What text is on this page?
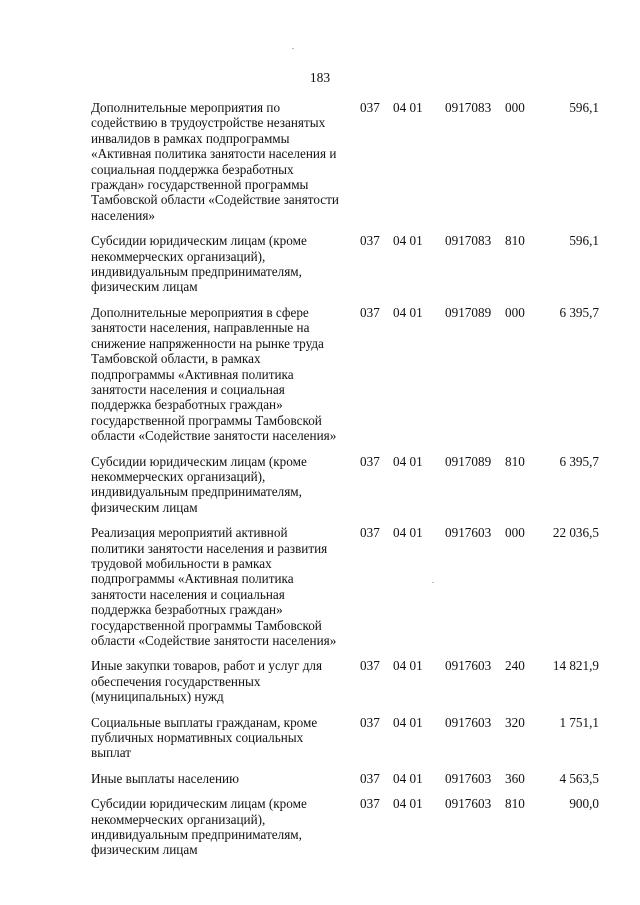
183
Дополнительные мероприятия по содействию в трудоустройстве незанятых инвалидов в рамках подпрограммы «Активная политика занятости населения и социальная поддержка безработных граждан» государственной программы Тамбовской области «Содействие занятости населения»	037	04 01	0917083	000	596,1
Субсидии юридическим лицам (кроме некоммерческих организаций), индивидуальным предпринимателям, физическим лицам	037	04 01	0917083	810	596,1
Дополнительные мероприятия в сфере занятости населения, направленные на снижение напряженности на рынке труда Тамбовской области, в рамках подпрограммы «Активная политика занятости населения и социальная поддержка безработных граждан» государственной программы Тамбовской области «Содействие занятости населения»	037	04 01	0917089	000	6 395,7
Субсидии юридическим лицам (кроме некоммерческих организаций), индивидуальным предпринимателям, физическим лицам	037	04 01	0917089	810	6 395,7
Реализация мероприятий активной политики занятости населения и развития трудовой мобильности в рамках подпрограммы «Активная политика занятости населения и социальная поддержка безработных граждан» государственной программы Тамбовской области «Содействие занятости населения»	037	04 01	0917603	000	22 036,5
Иные закупки товаров, работ и услуг для обеспечения государственных (муниципальных) нужд	037	04 01	0917603	240	14 821,9
Социальные выплаты гражданам, кроме публичных нормативных социальных выплат	037	04 01	0917603	320	1 751,1
Иные выплаты населению	037	04 01	0917603	360	4 563,5
Субсидии юридическим лицам (кроме некоммерческих организаций), индивидуальным предпринимателям, физическим лицам	037	04 01	0917603	810	900,0
